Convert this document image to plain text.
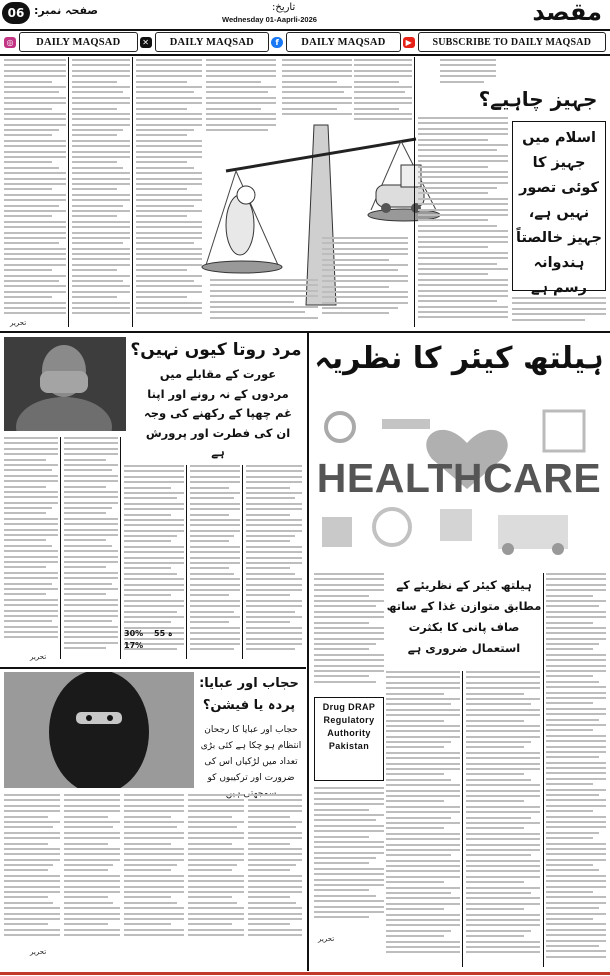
مقصد
تاریخ:
Wednesday 01-Aaprli-2026
صفحہ نمبر:
06
◎	DAILY MAQSAD	✕	DAILY MAQSAD	f	DAILY MAQSAD	▶	SUBSCRIBE TO DAILY MAQSAD
تحریر
جہیز چاہیے؟
اسلام میں جہیز کا کوئی تصور نہیں ہے، جہیز خالصتاً ہندوانہ رسم ہے
مرد روتا کیوں نہیں؟
عورت کے مقابلے میں مردوں کے نہ رونے اور اپنا غم چھپا کے رکھنے کی وجہ ان کی فطرت اور پرورش ہے
30%
17%
55 ہ
تحریر
حجاب اور عبایا:
پردہ یا فیشن؟
حجاب اور عبایا کا رجحان انتظام ہو چکا ہے کئی بڑی تعداد میں لڑکیاں اس کی ضرورت اور ترکیبوں کو
تحریر
ہیلتھ کیئر کا نظریہ
HEALTHCARE
ہیلتھ کیئر کے نظریئے کے مطابق متوازن غذا کے ساتھ صاف پانی کا بکثرت استعمال ضروری ہے
Drug DRAP Regulatory Authority Pakistan
تحریر
